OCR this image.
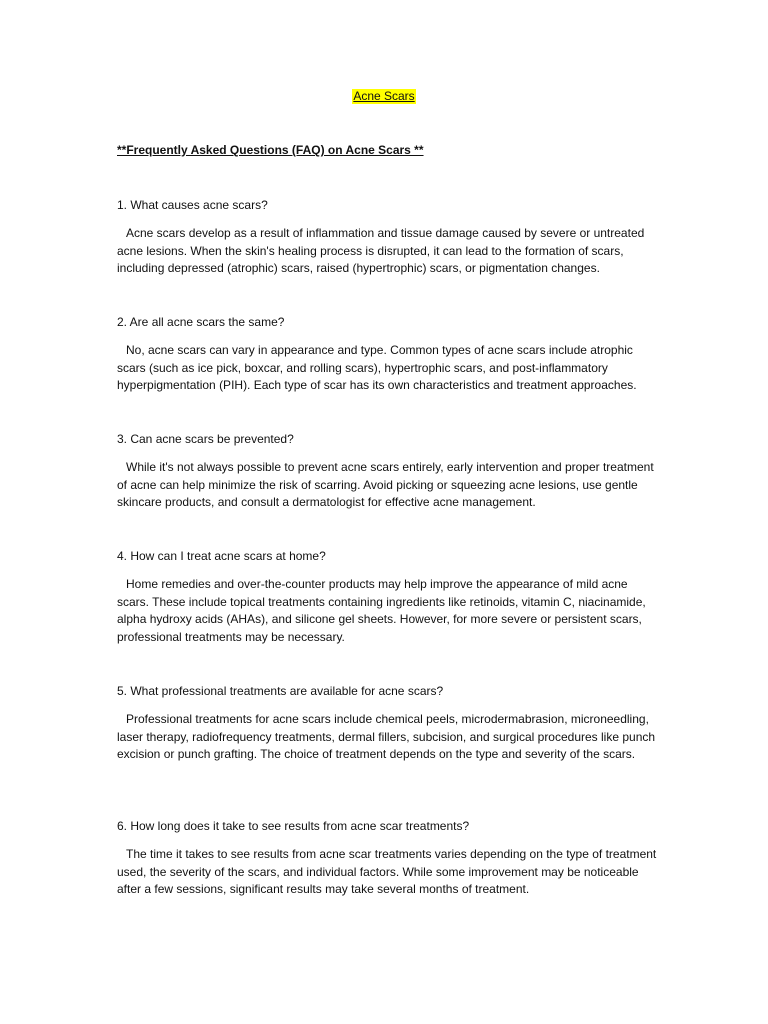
Acne Scars
**Frequently Asked Questions (FAQ) on Acne Scars **

1. What causes acne scars?

Acne scars develop as a result of inflammation and tissue damage caused by severe or untreated acne lesions. When the skin's healing process is disrupted, it can lead to the formation of scars, including depressed (atrophic) scars, raised (hypertrophic) scars, or pigmentation changes.

2. Are all acne scars the same?

No, acne scars can vary in appearance and type. Common types of acne scars include atrophic scars (such as ice pick, boxcar, and rolling scars), hypertrophic scars, and post-inflammatory hyperpigmentation (PIH). Each type of scar has its own characteristics and treatment approaches.

3. Can acne scars be prevented?

While it's not always possible to prevent acne scars entirely, early intervention and proper treatment of acne can help minimize the risk of scarring. Avoid picking or squeezing acne lesions, use gentle skincare products, and consult a dermatologist for effective acne management.

4. How can I treat acne scars at home?

Home remedies and over-the-counter products may help improve the appearance of mild acne scars. These include topical treatments containing ingredients like retinoids, vitamin C, niacinamide, alpha hydroxy acids (AHAs), and silicone gel sheets. However, for more severe or persistent scars, professional treatments may be necessary.

5. What professional treatments are available for acne scars?

Professional treatments for acne scars include chemical peels, microdermabrasion, microneedling, laser therapy, radiofrequency treatments, dermal fillers, subcision, and surgical procedures like punch excision or punch grafting. The choice of treatment depends on the type and severity of the scars.

6. How long does it take to see results from acne scar treatments?

The time it takes to see results from acne scar treatments varies depending on the type of treatment used, the severity of the scars, and individual factors. While some improvement may be noticeable after a few sessions, significant results may take several months of treatment.
